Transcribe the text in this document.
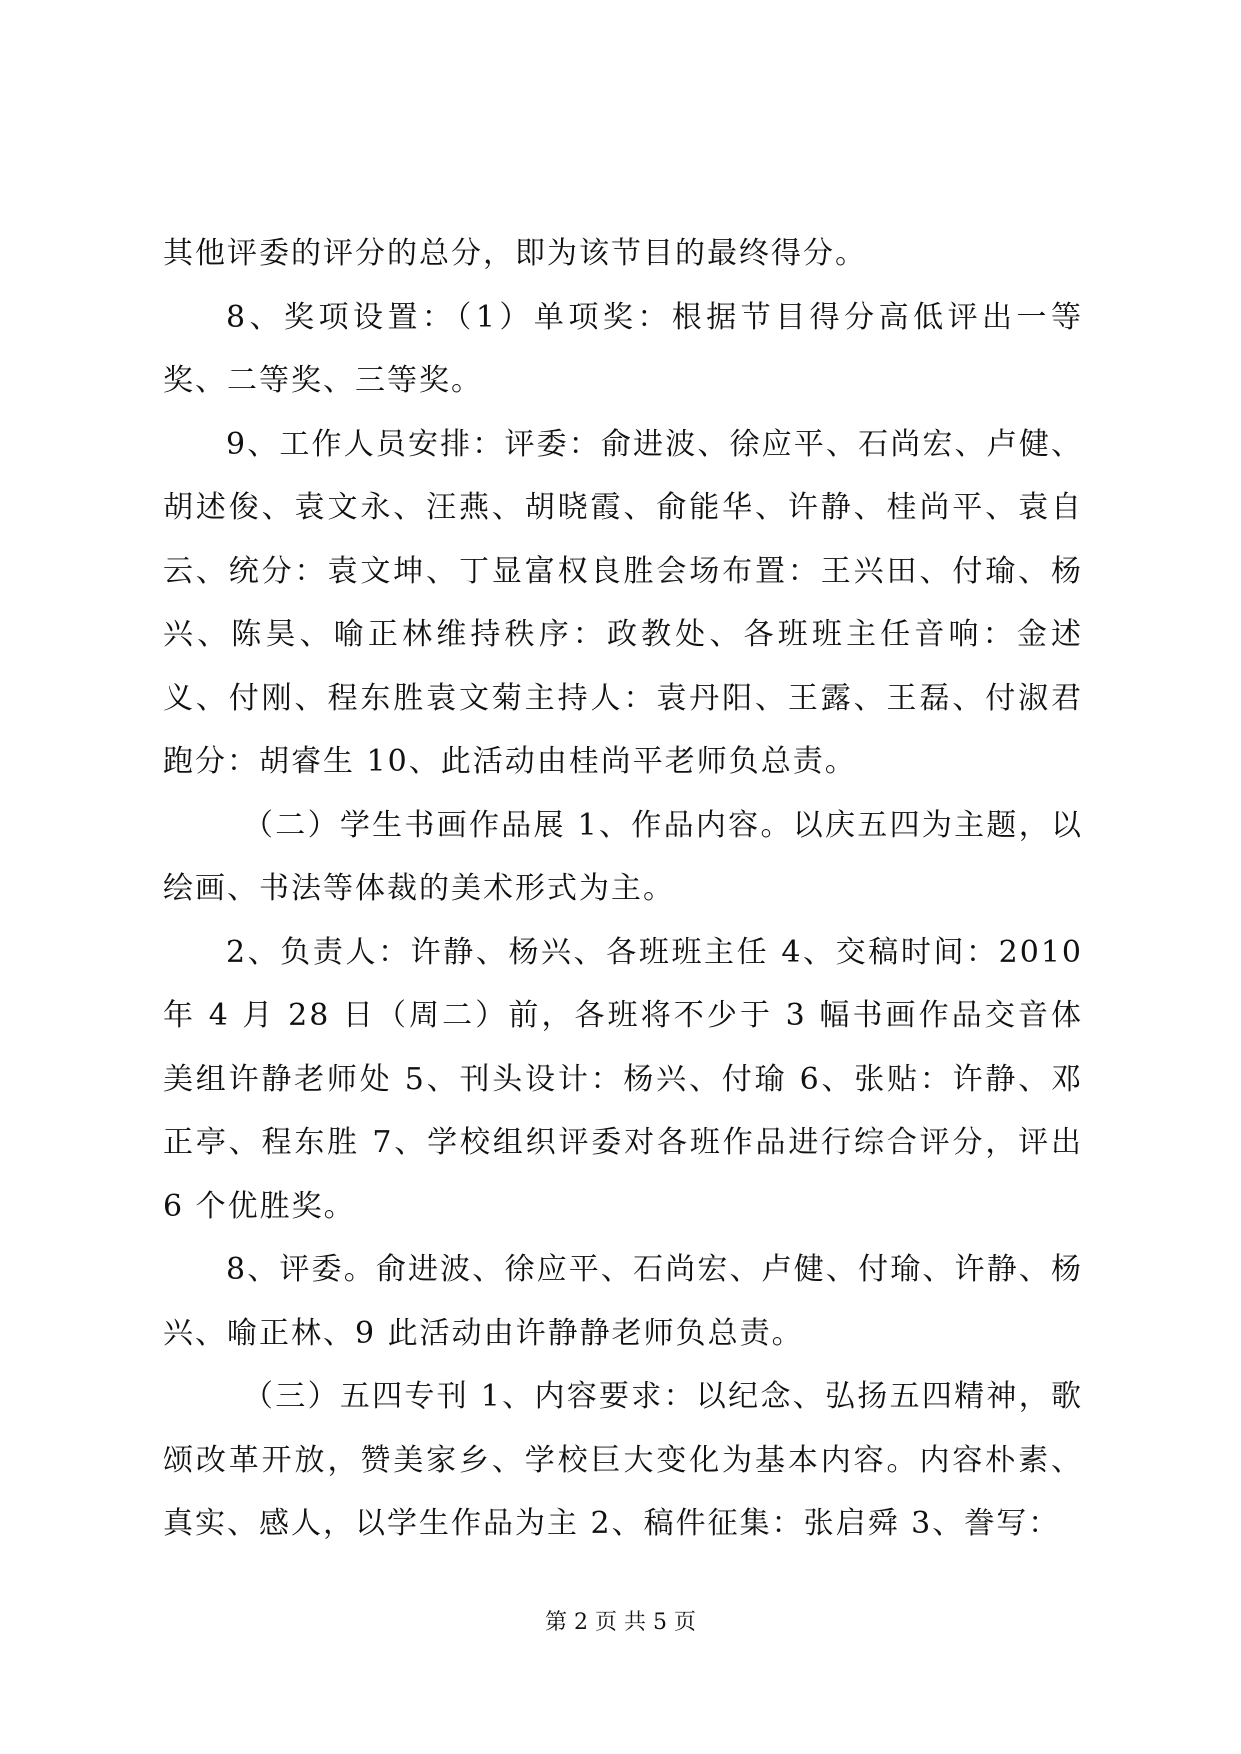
其他评委的评分的总分，即为该节目的最终得分。

8、奖项设置：（1）单项奖：根据节目得分高低评出一等奖、二等奖、三等奖。

9、工作人员安排：评委：俞进波、徐应平、石尚宏、卢健、胡述俊、袁文永、汪燕、胡晓霞、俞能华、许静、桂尚平、袁自云、统分：袁文坤、丁显富权良胜会场布置：王兴田、付瑜、杨兴、陈昊、喻正林维持秩序：政教处、各班班主任音响：金述义、付刚、程东胜袁文菊主持人：袁丹阳、王露、王磊、付淑君跑分：胡睿生 10、此活动由桂尚平老师负总责。

（二）学生书画作品展 1、作品内容。以庆五四为主题，以绘画、书法等体裁的美术形式为主。

2、负责人：许静、杨兴、各班班主任 4、交稿时间：2010 年 4 月 28 日（周二）前，各班将不少于 3 幅书画作品交音体美组许静老师处 5、刊头设计：杨兴、付瑜 6、张贴：许静、邓正亭、程东胜 7、学校组织评委对各班作品进行综合评分，评出 6 个优胜奖。

8、评委。俞进波、徐应平、石尚宏、卢健、付瑜、许静、杨兴、喻正林、9 此活动由许静静老师负总责。

（三）五四专刊 1、内容要求：以纪念、弘扬五四精神，歌颂改革开放，赞美家乡、学校巨大变化为基本内容。内容朴素、真实、感人，以学生作品为主 2、稿件征集：张启舜 3、誊写：

第 2 页 共 5 页
